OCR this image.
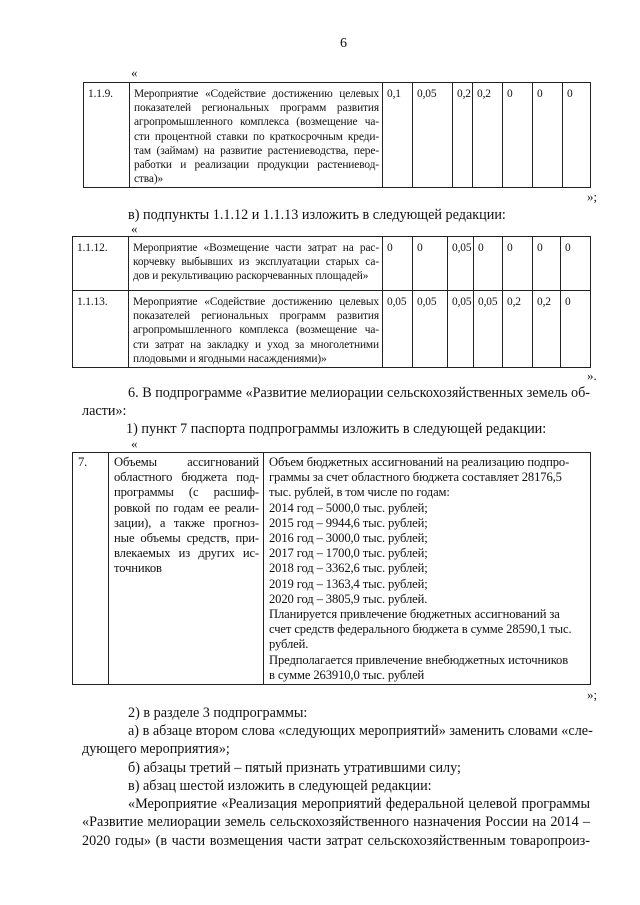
6
«
1.1.9.	Мероприятие «Содействие достижению целевых
показателей региональных программ развития
агропромышленного комплекса (возмещение ча-
сти процентной ставки по краткосрочным креди-
там (займам) на развитие растениеводства, пере-
работки и реализации продукции растениевод-
ства)»
	0,1	0,05	0,2	0,2	0	0	0
»;
в) подпункты 1.1.12 и 1.1.13 изложить в следующей редакции:
«
1.1.12.	Мероприятие «Возмещение части затрат на рас-
корчевку выбывших из эксплуатации старых са-
дов и рекультивацию раскорчеванных площадей»	0	0	0,05	0	0	0	0
1.1.13.	Мероприятие «Содействие достижению целевых
показателей региональных программ развития
агропромышленного комплекса (возмещение ча-
сти затрат на закладку и уход за многолетними
плодовыми и ягодными насаждениями)»	0,05	0,05	0,05	0,05	0,2	0,2	0
».
6. В подпрограмме «Развитие мелиорации сельскохозяйственных земель об-
ласти»:
1) пункт 7 паспорта подпрограммы изложить в следующей редакции:
«
7.	Объемы ассигнований
областного бюджета под-
программы (с расшиф-
ровкой по годам ее реали-
зации), а также прогноз-
ные объемы средств, при-
влекаемых из других ис-
точников

Объем бюджетных ассигнований на реализацию подпро-
граммы за счет областного бюджета составляет 28176,5
тыс. рублей, в том числе по годам:
2014 год – 5000,0 тыс. рублей;
2015 год – 9944,6 тыс. рублей;
2016 год – 3000,0 тыс. рублей;
2017 год – 1700,0 тыс. рублей;
2018 год – 3362,6 тыс. рублей;
2019 год – 1363,4 тыс. рублей;
2020 год – 3805,9 тыс. рублей.
Планируется привлечение бюджетных ассигнований за
счет средств федерального бюджета в сумме 28590,1 тыс.
рублей.
Предполагается привлечение внебюджетных источников
в сумме 263910,0 тыс. рублей
»;
2) в разделе 3 подпрограммы:
а) в абзаце втором слова «следующих мероприятий» заменить словами «сле-
дующего мероприятия»;
б) абзацы третий – пятый признать утратившими силу;
в) абзац шестой изложить в следующей редакции:
«Мероприятие «Реализация мероприятий федеральной целевой программы
«Развитие мелиорации земель сельскохозяйственного назначения России на 2014 –
2020 годы» (в части возмещения части затрат сельскохозяйственным товаропроиз-
